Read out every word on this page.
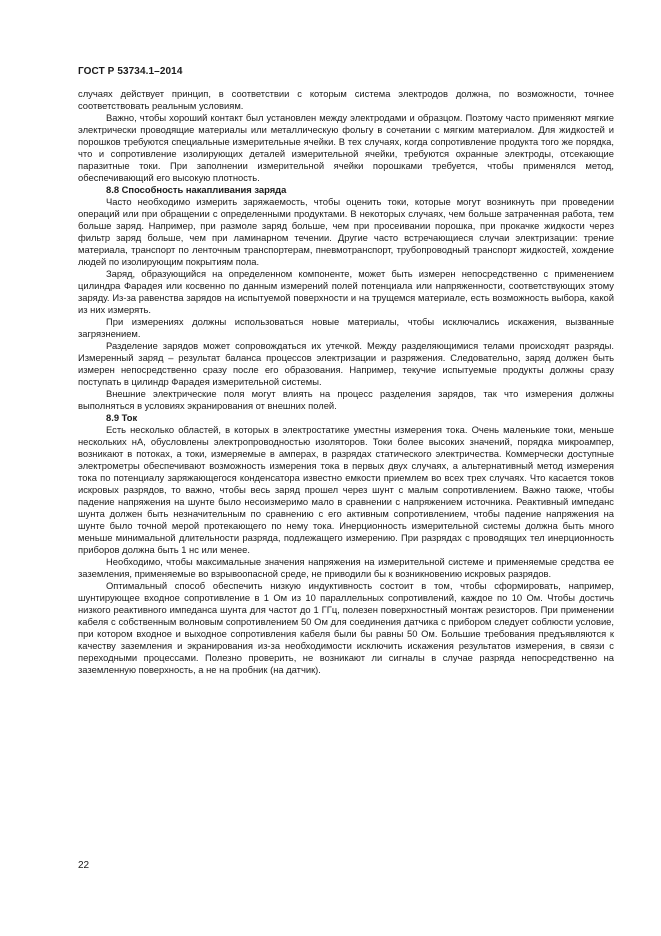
ГОСТ Р 53734.1–2014

случаях действует принцип, в соответствии с которым система электродов должна, по возможности, точнее соответствовать реальным условиям.

Важно, чтобы хороший контакт был установлен между электродами и образцом. Поэтому часто применяют мягкие электрически проводящие материалы или металлическую фольгу в сочетании с мягким материалом. Для жидкостей и порошков требуются специальные измерительные ячейки. В тех случаях, когда сопротивление продукта того же порядка, что и сопротивление изолирующих деталей измерительной ячейки, требуются охранные электроды, отсекающие паразитные токи. При заполнении измерительной ячейки порошками требуется, чтобы применялся метод, обеспечивающий его высокую плотность.

8.8 Способность накапливания заряда

Часто необходимо измерить заряжаемость, чтобы оценить токи, которые могут возникнуть при проведении операций или при обращении с определенными продуктами. В некоторых случаях, чем больше затраченная работа, тем больше заряд. Например, при размоле заряд больше, чем при просеивании порошка, при прокачке жидкости через фильтр заряд больше, чем при ламинарном течении. Другие часто встречающиеся случаи электризации: трение материала, транспорт по ленточным транспортерам, пневмотранспорт, трубопроводный транспорт жидкостей, хождение людей по изолирующим покрытиям пола.

Заряд, образующийся на определенном компоненте, может быть измерен непосредственно с применением цилиндра Фарадея или косвенно по данным измерений полей потенциала или напряженности, соответствующих этому заряду. Из-за равенства зарядов на испытуемой поверхности и на трущемся материале, есть возможность выбора, какой из них измерять.

При измерениях должны использоваться новые материалы, чтобы исключались искажения, вызванные загрязнением.

Разделение зарядов может сопровождаться их утечкой. Между разделяющимися телами происходят разряды. Измеренный заряд – результат баланса процессов электризации и разряжения. Следовательно, заряд должен быть измерен непосредственно сразу после его образования. Например, текучие испытуемые продукты должны сразу поступать в цилиндр Фарадея измерительной системы.

Внешние электрические поля могут влиять на процесс разделения зарядов, так что измерения должны выполняться в условиях экранирования от внешних полей.

8.9 Ток

Есть несколько областей, в которых в электростатике уместны измерения тока. Очень маленькие токи, меньше нескольких нА, обусловлены электропроводностью изоляторов. Токи более высоких значений, порядка микроампер, возникают в потоках, а токи, измеряемые в амперах, в разрядах статического электричества. Коммерчески доступные электрометры обеспечивают возможность измерения тока в первых двух случаях, а альтернативный метод измерения тока по потенциалу заряжающегося конденсатора известно емкости приемлем во всех трех случаях. Что касается токов искровых разрядов, то важно, чтобы весь заряд прошел через шунт с малым сопротивлением. Важно также, чтобы падение напряжения на шунте было несоизмеримо мало в сравнении с напряжением источника. Реактивный импеданс шунта должен быть незначительным по сравнению с его активным сопротивлением, чтобы падение напряжения на шунте было точной мерой протекающего по нему тока. Инерционность измерительной системы должна быть много меньше минимальной длительности разряда, подлежащего измерению. При разрядах с проводящих тел инерционность приборов должна быть 1 нс или менее.

Необходимо, чтобы максимальные значения напряжения на измерительной системе и применяемые средства ее заземления, применяемые во взрывоопасной среде, не приводили бы к возникновению искровых разрядов.

Оптимальный способ обеспечить низкую индуктивность состоит в том, чтобы сформировать, например, шунтирующее входное сопротивление в 1 Ом из 10 параллельных сопротивлений, каждое по 10 Ом. Чтобы достичь низкого реактивного импеданса шунта для частот до 1 ГГц, полезен поверхностный монтаж резисторов. При применении кабеля с собственным волновым сопротивлением 50 Ом для соединения датчика с прибором следует соблюсти условие, при котором входное и выходное сопротивления кабеля были бы равны 50 Ом. Большие требования предъявляются к качеству заземления и экранирования из-за необходимости исключить искажения результатов измерения, в связи с переходными процессами. Полезно проверить, не возникают ли сигналы в случае разряда непосредственно на заземленную поверхность, а не на пробник (на датчик).

22
